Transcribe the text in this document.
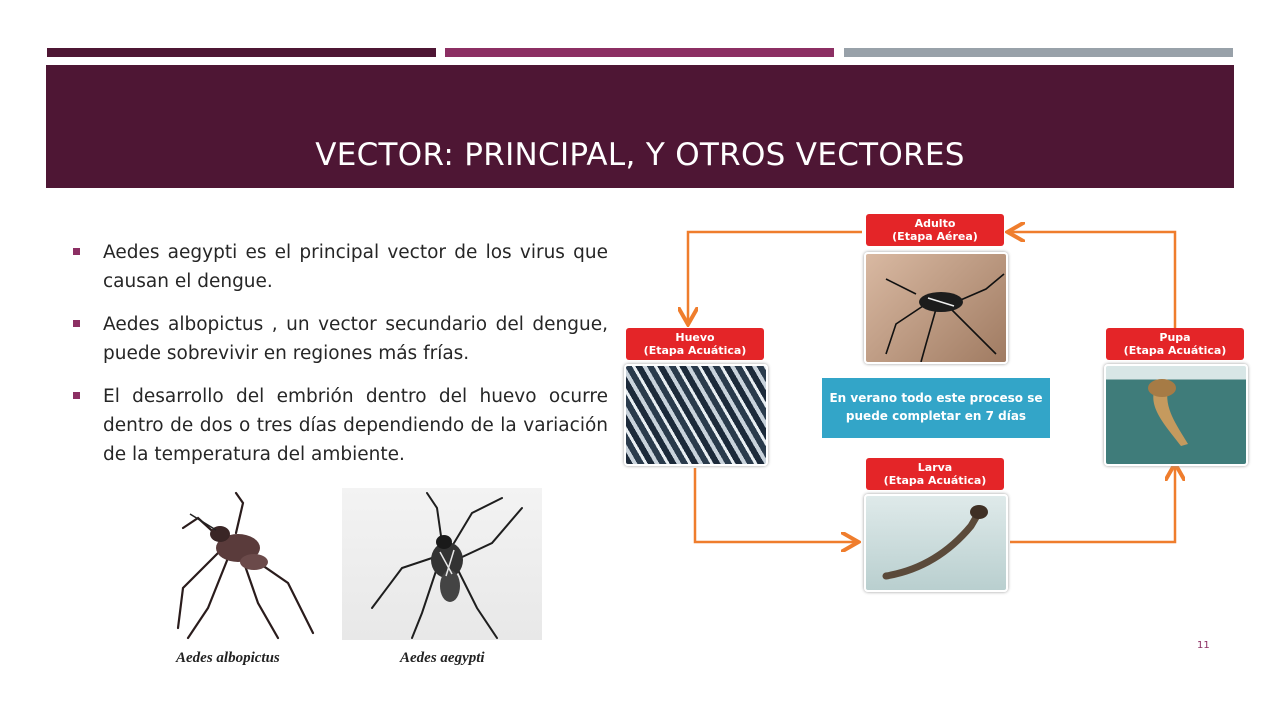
VECTOR: PRINCIPAL, Y OTROS VECTORES
Aedes aegypti es el principal vector de los virus que causan el dengue.
Aedes albopictus , un vector secundario del dengue, puede sobrevivir en regiones más frías.
El desarrollo del embrión dentro del huevo ocurre dentro de dos o tres días dependiendo de la variación de la temperatura del ambiente.
Aedes albopictus	Aedes aegypti
Adulto
(Etapa Aérea)
Huevo
(Etapa Acuática)
Pupa
(Etapa Acuática)
En verano todo este proceso se
puede completar en 7 días
Larva
(Etapa Acuática)
11
